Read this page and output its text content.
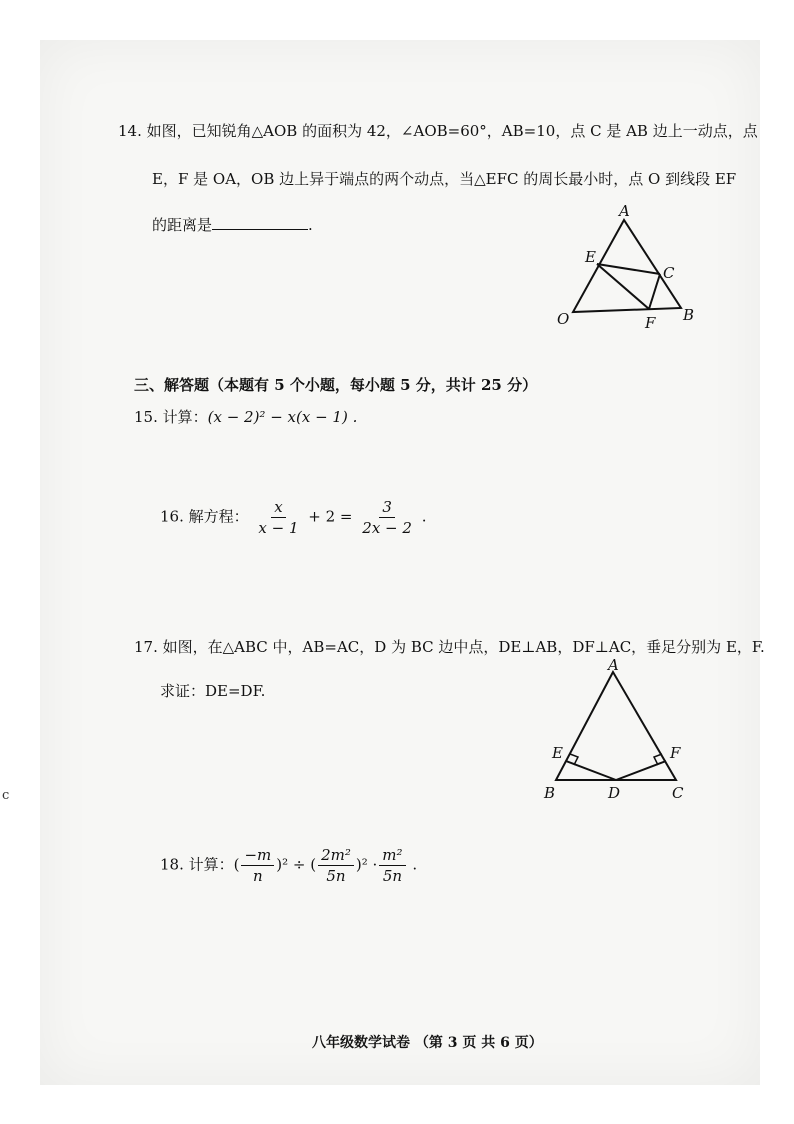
14. 如图，已知锐角△AOB 的面积为 42，∠AOB=60°，AB=10，点 C 是 AB 边上一动点，点
E，F 是 OA，OB 边上异于端点的两个动点，当△EFC 的周长最小时，点 O 到线段 EF
的距离是	.
A
E
C
O	F B
三、解答题（本题有 5 个小题，每小题 5 分，共计 25 分）
15. 计算：(x − 2)² − x(x − 1) .
16. 解方程： $\frac{x}{x - 1} + 2 = \frac{3}{2x - 2}$ .
17. 如图，在△ABC 中，AB=AC，D 为 BC 边中点，DE⊥AB，DF⊥AC，垂足分别为 E，F.
求证：DE=DF.
A
E	F
B	D	C
18. 计算：( $\frac{-m}{n} )^2$ ÷ ( $\frac{\text{2m²}}{5n} )^2 \cdot \frac{\text{m²}}{5n}$ .
八年级数学试卷 （第 3 页 共 6 页）
c
